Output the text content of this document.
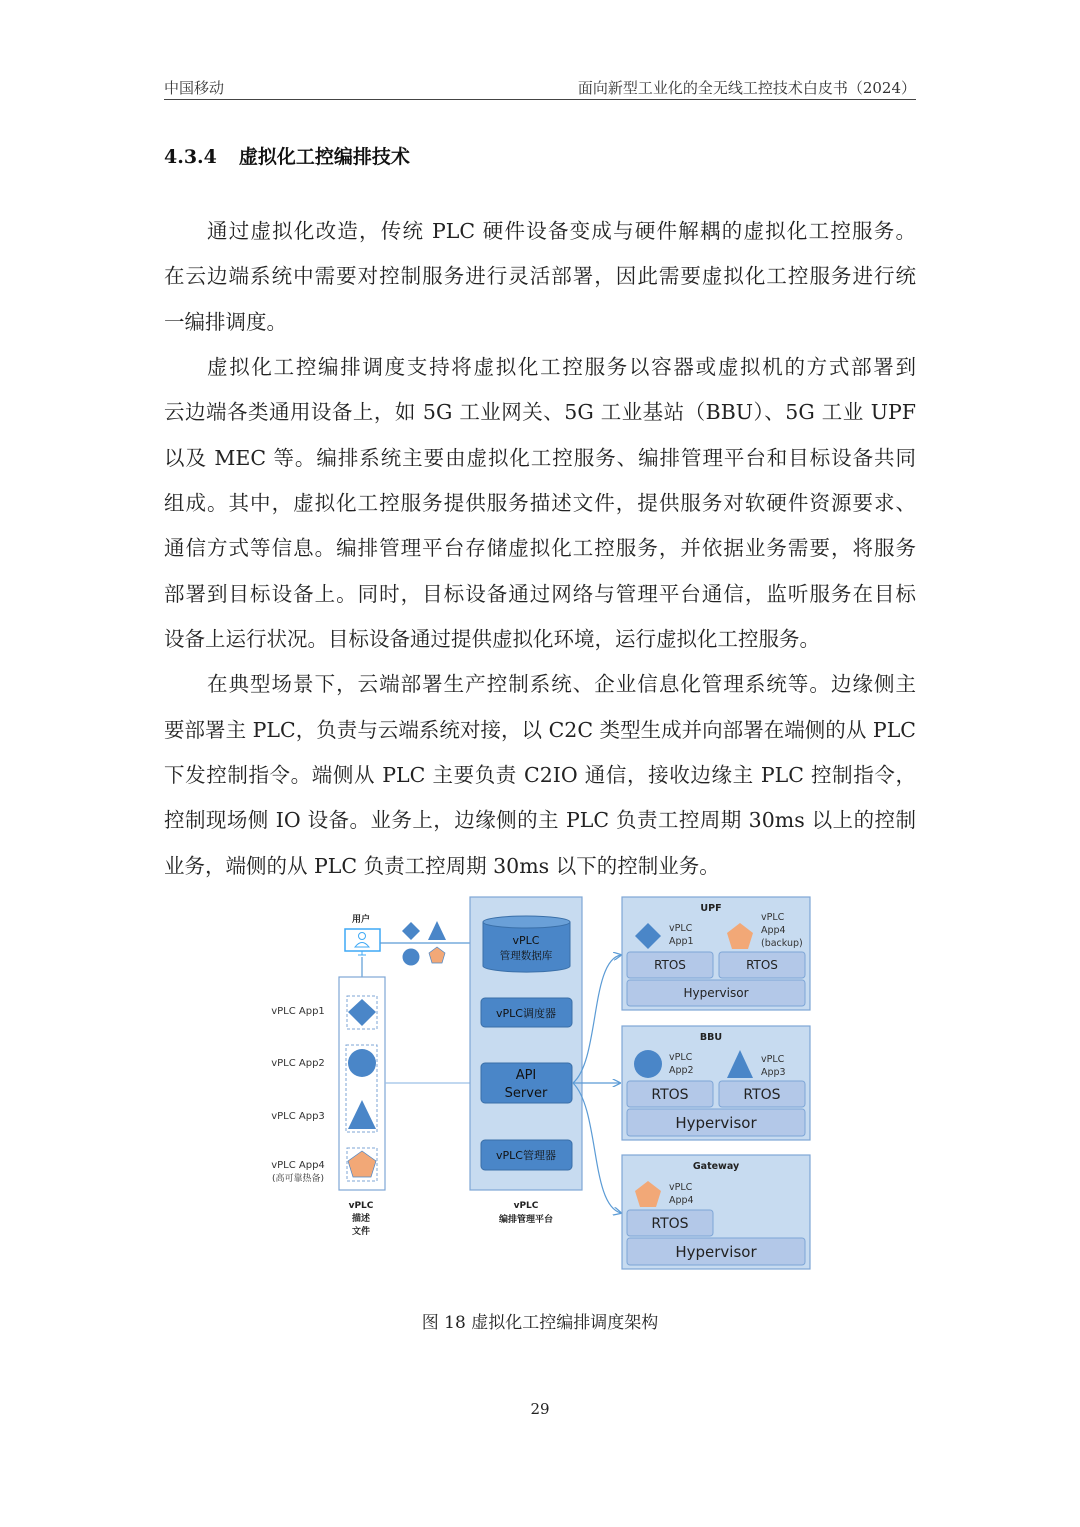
中国移动	面向新型工业化的全无线工控技术白皮书（2024）
4.3.4 虚拟化工控编排技术
通过虚拟化改造，传统 PLC 硬件设备变成与硬件解耦的虚拟化工控服务。
在云边端系统中需要对控制服务进行灵活部署，因此需要虚拟化工控服务进行统
一编排调度。
虚拟化工控编排调度支持将虚拟化工控服务以容器或虚拟机的方式部署到
云边端各类通用设备上，如 5G 工业网关、5G 工业基站（BBU）、5G 工业 UPF
以及 MEC 等。编排系统主要由虚拟化工控服务、编排管理平台和目标设备共同
组成。其中，虚拟化工控服务提供服务描述文件，提供服务对软硬件资源要求、
通信方式等信息。编排管理平台存储虚拟化工控服务，并依据业务需要，将服务
部署到目标设备上。同时，目标设备通过网络与管理平台通信，监听服务在目标
设备上运行状况。目标设备通过提供虚拟化环境，运行虚拟化工控服务。
在典型场景下，云端部署生产控制系统、企业信息化管理系统等。边缘侧主
要部署主 PLC，负责与云端系统对接，以 C2C 类型生成并向部署在端侧的从 PLC
下发控制指令。端侧从 PLC 主要负责 C2IO 通信，接收边缘主 PLC 控制指令，
控制现场侧 IO 设备。业务上，边缘侧的主 PLC 负责工控周期 30ms 以上的控制
业务，端侧的从 PLC 负责工控周期 30ms 以下的控制业务。
用户
vPLC App1
vPLC App2
vPLC App3
vPLC App4
(高可靠热备)
vPLC
描述
文件
vPLC
编排管理平台
vPLC
管理数据库
vPLC调度器
API
Server
vPLC管理器
UPF
vPLC
App1
vPLC
App4
(backup)
RTOS	RTOS
Hypervisor
BBU
vPLC
App2
vPLC
App3
RTOS	RTOS
Hypervisor
Gateway
vPLC
App4
RTOS
Hypervisor
图 18 虚拟化工控编排调度架构
29
